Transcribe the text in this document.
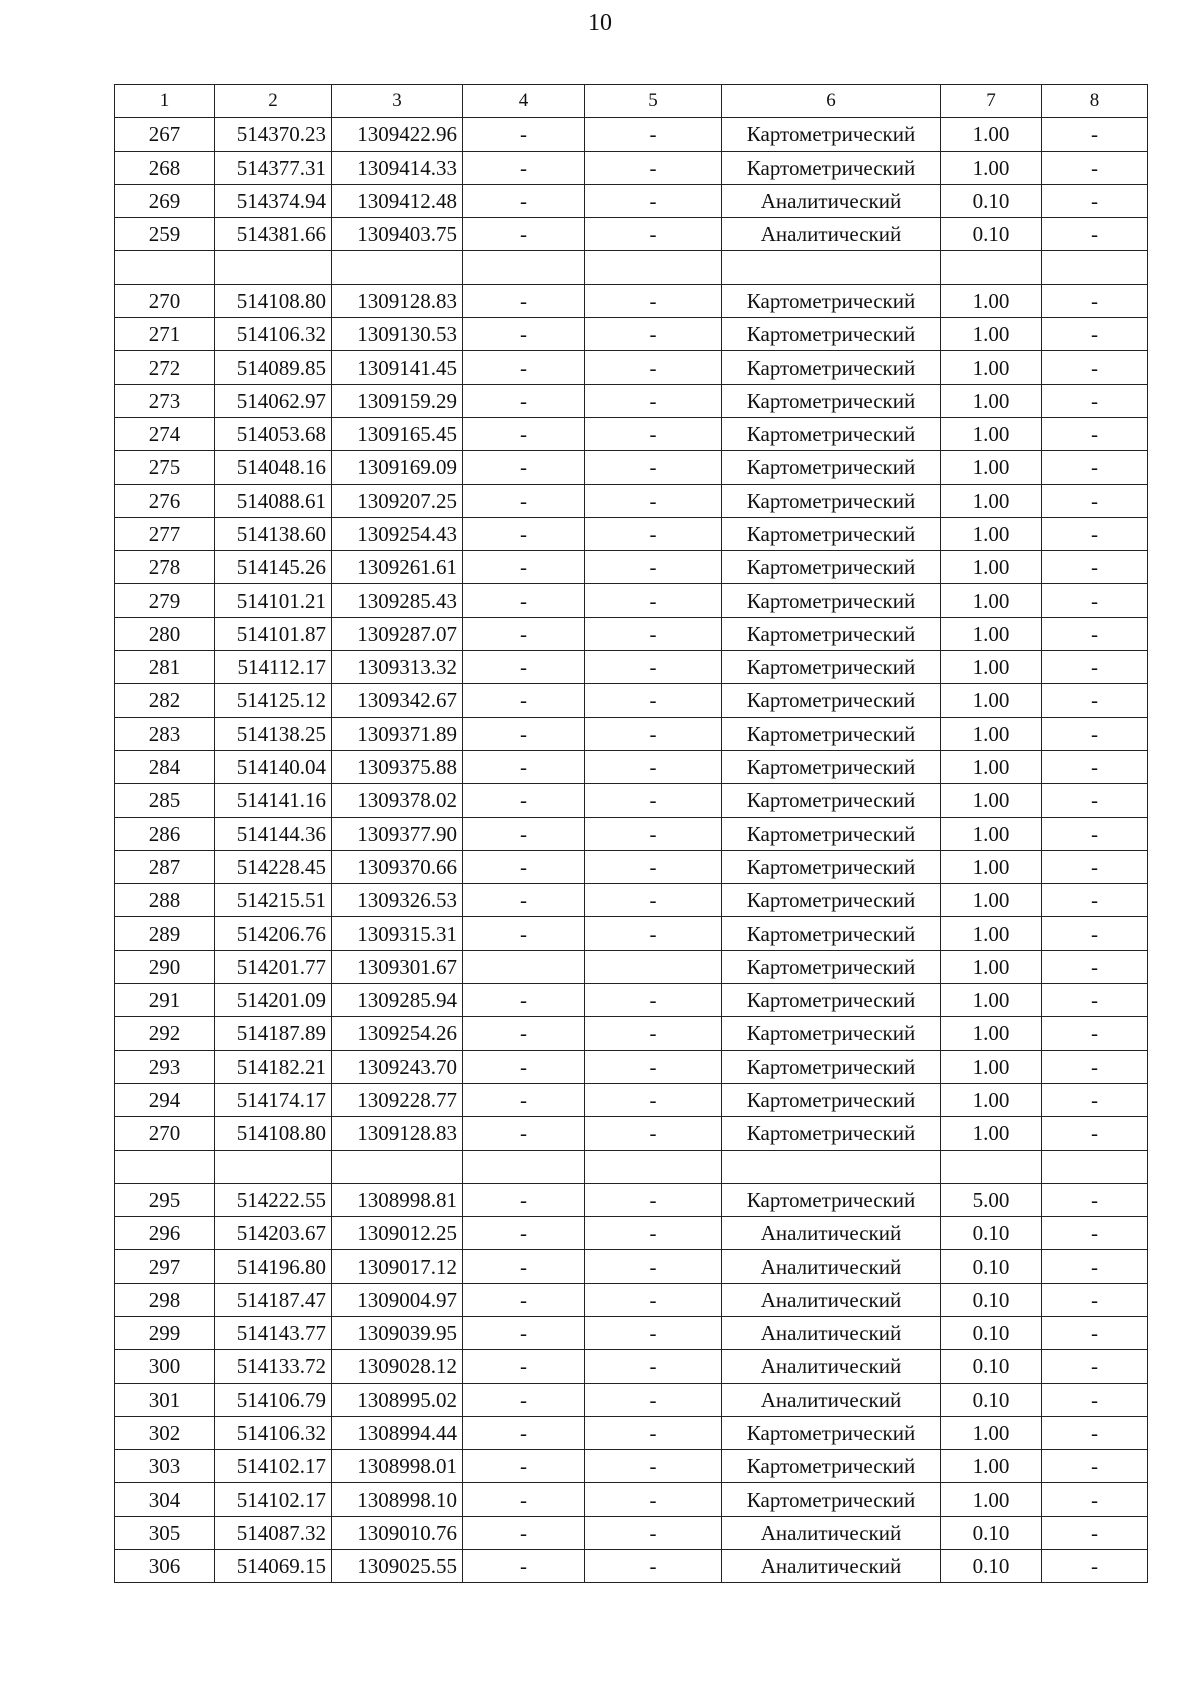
10
1	2	3	4	5	6	7	8
267	514370.23	1309422.96	-	-	Картометрический	1.00	-
268	514377.31	1309414.33	-	-	Картометрический	1.00	-
269	514374.94	1309412.48	-	-	Аналитический	0.10	-
259	514381.66	1309403.75	-	-	Аналитический	0.10	-

270	514108.80	1309128.83	-	-	Картометрический	1.00	-
271	514106.32	1309130.53	-	-	Картометрический	1.00	-
272	514089.85	1309141.45	-	-	Картометрический	1.00	-
273	514062.97	1309159.29	-	-	Картометрический	1.00	-
274	514053.68	1309165.45	-	-	Картометрический	1.00	-
275	514048.16	1309169.09	-	-	Картометрический	1.00	-
276	514088.61	1309207.25	-	-	Картометрический	1.00	-
277	514138.60	1309254.43	-	-	Картометрический	1.00	-
278	514145.26	1309261.61	-	-	Картометрический	1.00	-
279	514101.21	1309285.43	-	-	Картометрический	1.00	-
280	514101.87	1309287.07	-	-	Картометрический	1.00	-
281	514112.17	1309313.32	-	-	Картометрический	1.00	-
282	514125.12	1309342.67	-	-	Картометрический	1.00	-
283	514138.25	1309371.89	-	-	Картометрический	1.00	-
284	514140.04	1309375.88	-	-	Картометрический	1.00	-
285	514141.16	1309378.02	-	-	Картометрический	1.00	-
286	514144.36	1309377.90	-	-	Картометрический	1.00	-
287	514228.45	1309370.66	-	-	Картометрический	1.00	-
288	514215.51	1309326.53	-	-	Картометрический	1.00	-
289	514206.76	1309315.31	-	-	Картометрический	1.00	-
290	514201.77	1309301.67			Картометрический	1.00	-
291	514201.09	1309285.94	-	-	Картометрический	1.00	-
292	514187.89	1309254.26	-	-	Картометрический	1.00	-
293	514182.21	1309243.70	-	-	Картометрический	1.00	-
294	514174.17	1309228.77	-	-	Картометрический	1.00	-
270	514108.80	1309128.83	-	-	Картометрический	1.00	-

295	514222.55	1308998.81	-	-	Картометрический	5.00	-
296	514203.67	1309012.25	-	-	Аналитический	0.10	-
297	514196.80	1309017.12	-	-	Аналитический	0.10	-
298	514187.47	1309004.97	-	-	Аналитический	0.10	-
299	514143.77	1309039.95	-	-	Аналитический	0.10	-
300	514133.72	1309028.12	-	-	Аналитический	0.10	-
301	514106.79	1308995.02	-	-	Аналитический	0.10	-
302	514106.32	1308994.44	-	-	Картометрический	1.00	-
303	514102.17	1308998.01	-	-	Картометрический	1.00	-
304	514102.17	1308998.10	-	-	Картометрический	1.00	-
305	514087.32	1309010.76	-	-	Аналитический	0.10	-
306	514069.15	1309025.55	-	-	Аналитический	0.10	-
